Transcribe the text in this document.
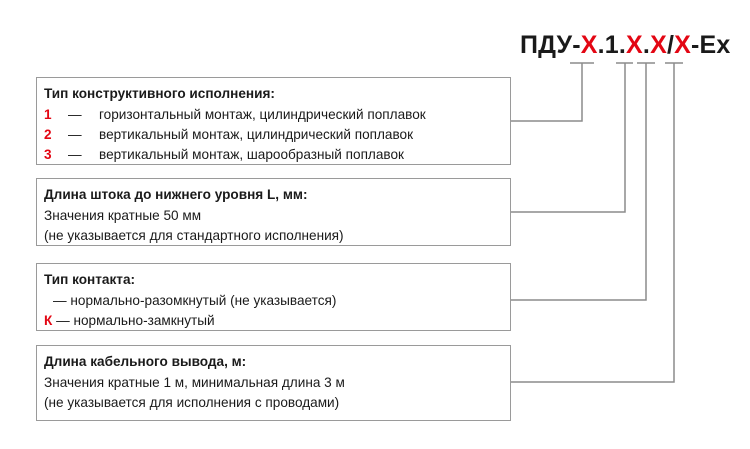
ПДУ-X.1.X.X/X-Ex
Тип конструктивного исполнения:
1 — горизонтальный монтаж, цилиндрический поплавок
2 — вертикальный монтаж, цилиндрический поплавок
3 — вертикальный монтаж, шарообразный поплавок
Длина штока до нижнего уровня L, мм:
Значения кратные 50 мм
(не указывается для стандартного исполнения)
Тип контакта:
— нормально-разомкнутый (не указывается)
К — нормально-замкнутый
Длина кабельного вывода, м:
Значения кратные 1 м, минимальная длина 3 м
(не указывается для исполнения с проводами)
